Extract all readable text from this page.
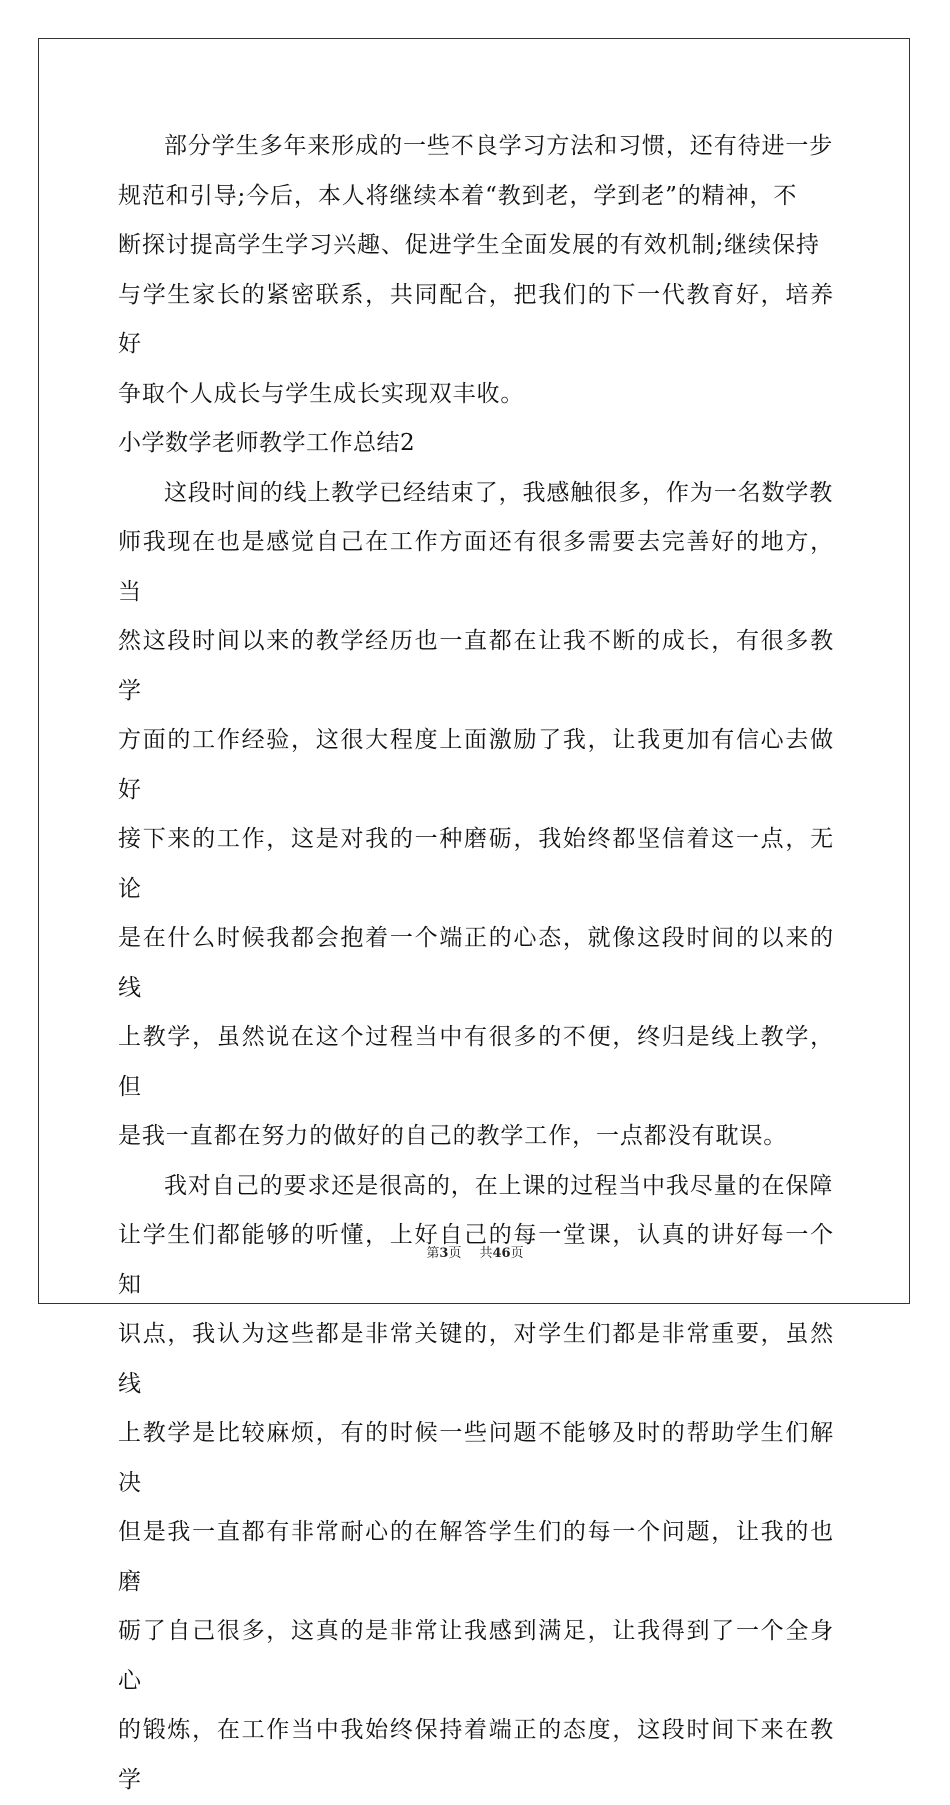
部分学生多年来形成的一些不良学习方法和习惯，还有待进一步
规范和引导;今后，本人将继续本着“教到老，学到老”的精神，不
断探讨提高学生学习兴趣、促进学生全面发展的有效机制;继续保持
与学生家长的紧密联系，共同配合，把我们的下一代教育好，培养好
争取个人成长与学生成长实现双丰收。

小学数学老师教学工作总结2

这段时间的线上教学已经结束了，我感触很多，作为一名数学教
师我现在也是感觉自己在工作方面还有很多需要去完善好的地方，当
然这段时间以来的教学经历也一直都在让我不断的成长，有很多教学
方面的工作经验，这很大程度上面激励了我，让我更加有信心去做好
接下来的工作，这是对我的一种磨砺，我始终都坚信着这一点，无论
是在什么时候我都会抱着一个端正的心态，就像这段时间的以来的线
上教学，虽然说在这个过程当中有很多的不便，终归是线上教学，但
是我一直都在努力的做好的自己的教学工作，一点都没有耽误。

我对自己的要求还是很高的，在上课的过程当中我尽量的在保障
让学生们都能够的听懂，上好自己的每一堂课，认真的讲好每一个知
识点，我认为这些都是非常关键的，对学生们都是非常重要，虽然线
上教学是比较麻烦，有的时候一些问题不能够及时的帮助学生们解决
但是我一直都有非常耐心的在解答学生们的每一个问题，让我的也磨
砺了自己很多，这真的是非常让我感到满足，让我得到了一个全身心
的锻炼，在工作当中我始终保持着端正的态度，这段时间下来在教学

第3页 共46页
